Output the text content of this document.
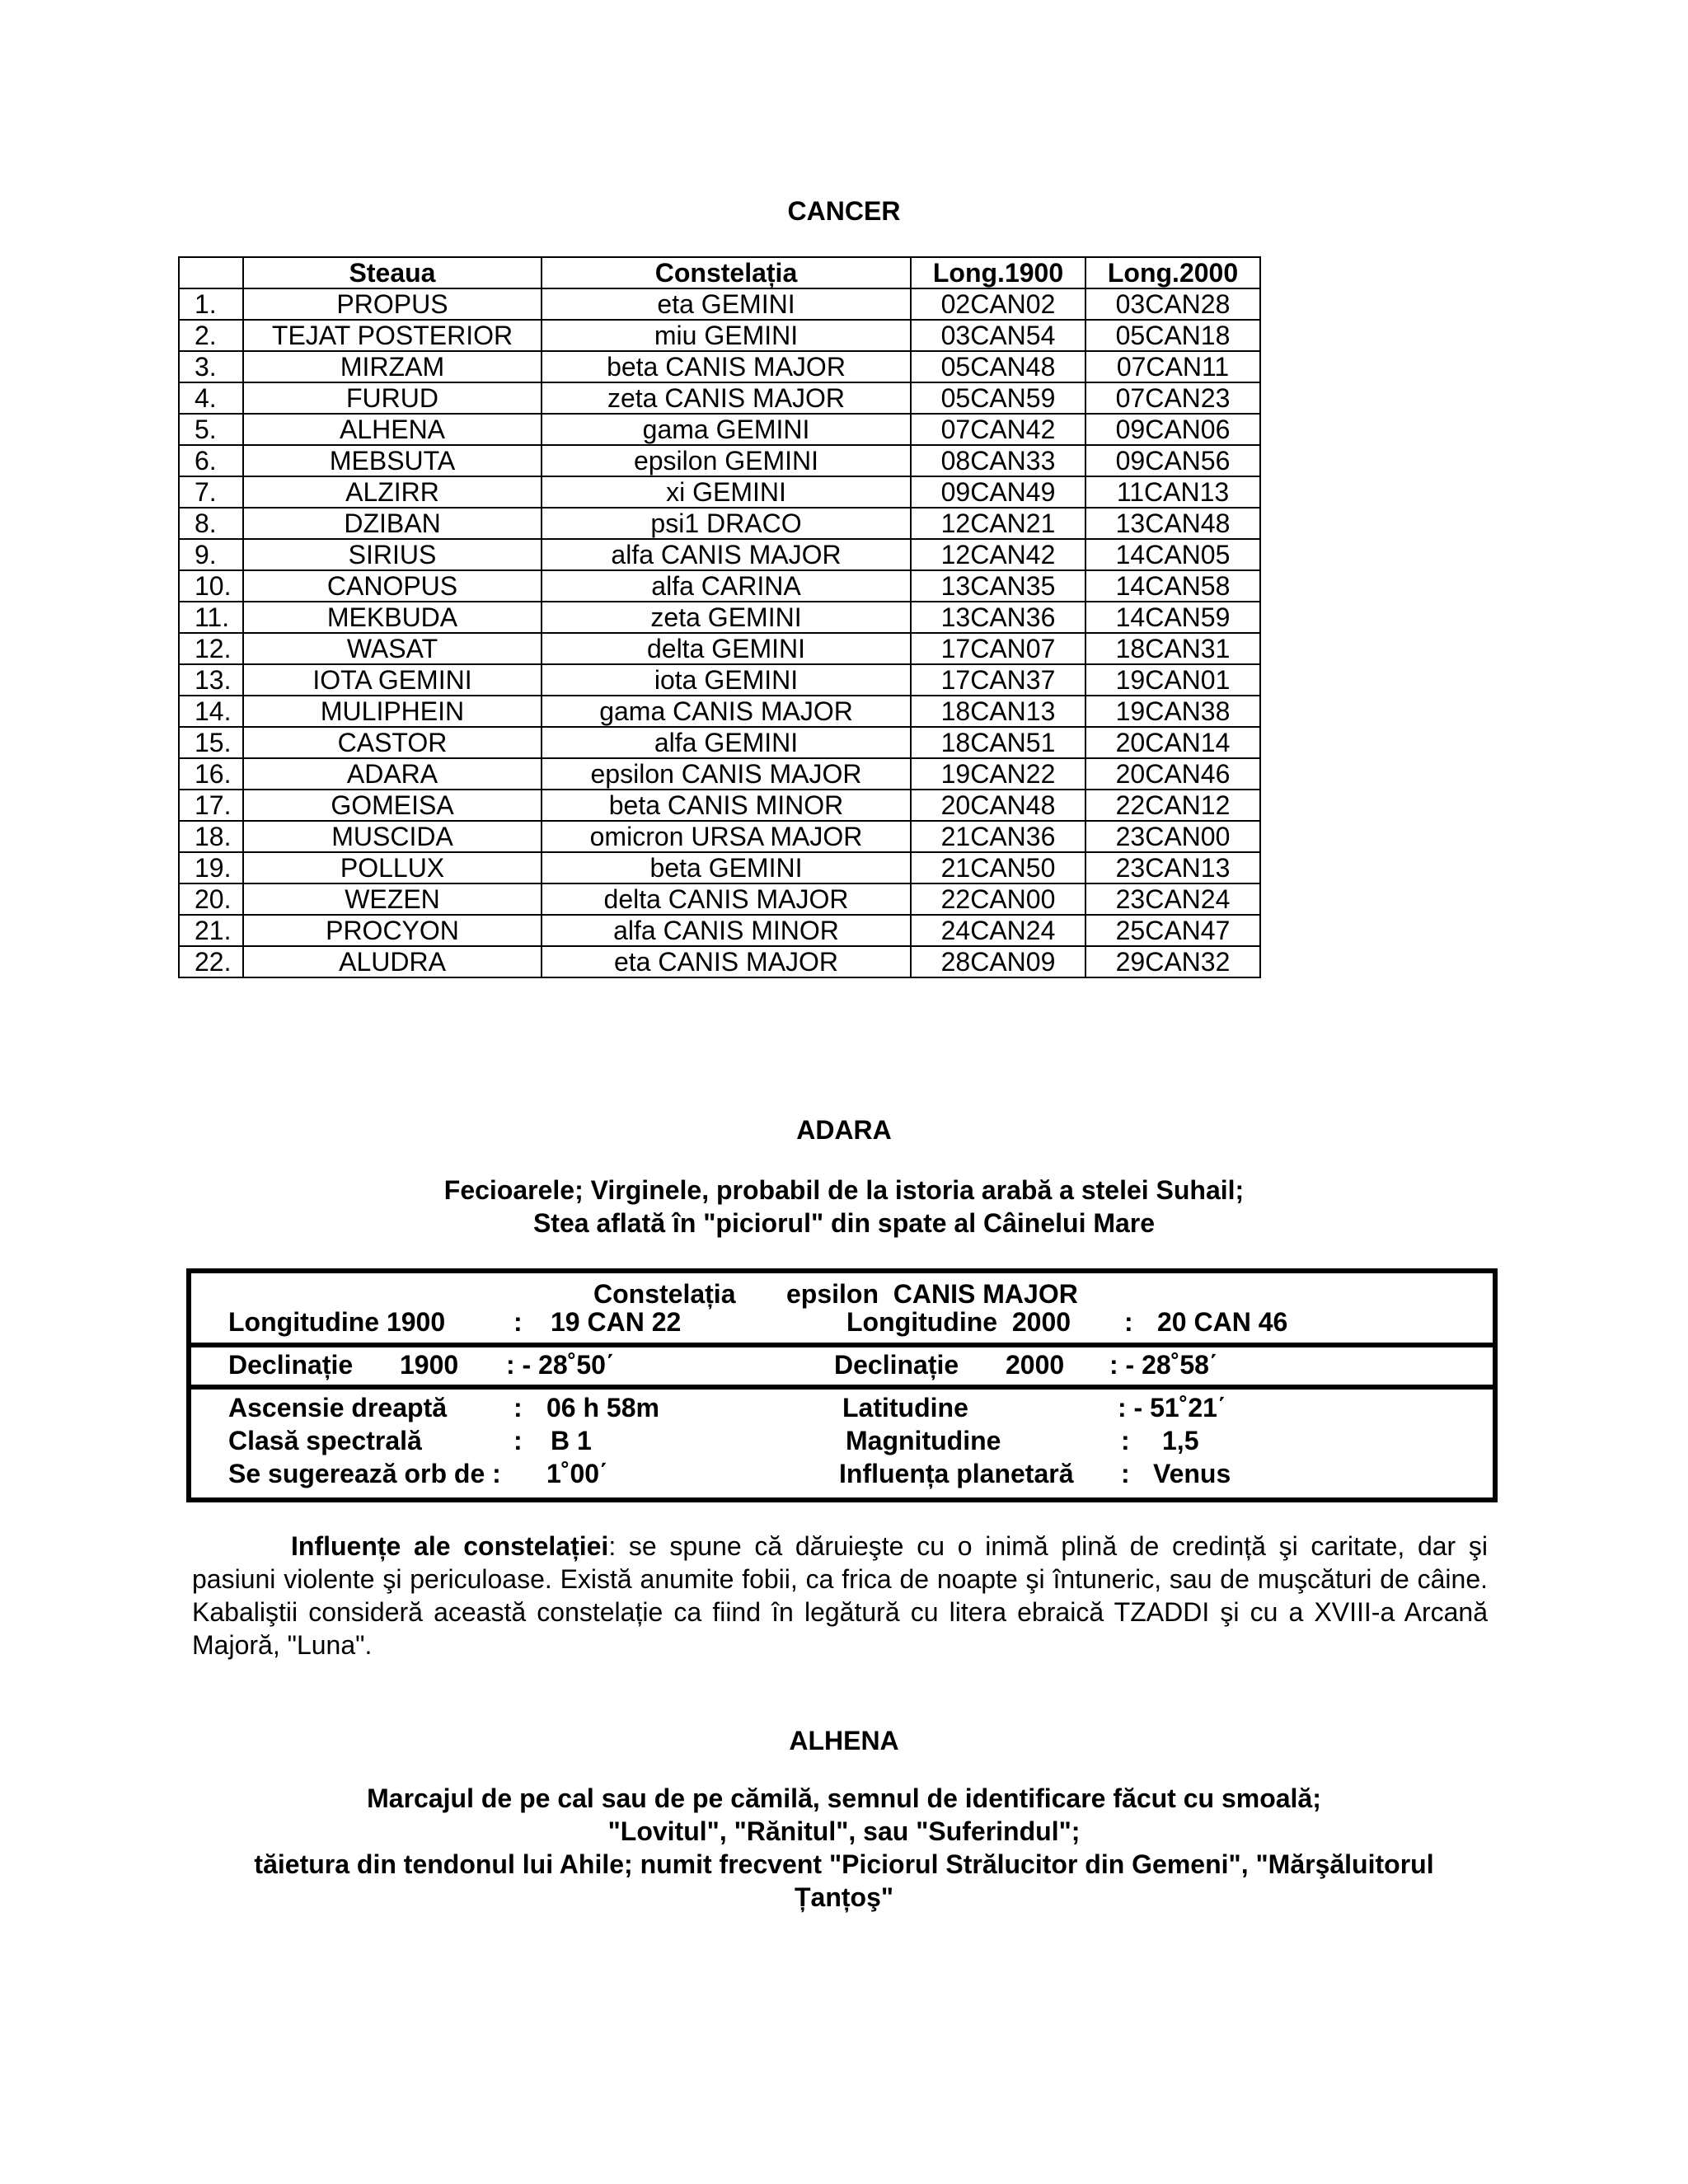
CANCER
	Steaua	Constelația	Long.1900	Long.2000
1.	PROPUS	eta GEMINI	02CAN02	03CAN28
2.	TEJAT POSTERIOR	miu GEMINI	03CAN54	05CAN18
3.	MIRZAM	beta CANIS MAJOR	05CAN48	07CAN11
4.	FURUD	zeta CANIS MAJOR	05CAN59	07CAN23
5.	ALHENA	gama GEMINI	07CAN42	09CAN06
6.	MEBSUTA	epsilon GEMINI	08CAN33	09CAN56
7.	ALZIRR	xi GEMINI	09CAN49	11CAN13
8.	DZIBAN	psi1 DRACO	12CAN21	13CAN48
9.	SIRIUS	alfa CANIS MAJOR	12CAN42	14CAN05
10.	CANOPUS	alfa CARINA	13CAN35	14CAN58
11.	MEKBUDA	zeta GEMINI	13CAN36	14CAN59
12.	WASAT	delta GEMINI	17CAN07	18CAN31
13.	IOTA GEMINI	iota GEMINI	17CAN37	19CAN01
14.	MULIPHEIN	gama CANIS MAJOR	18CAN13	19CAN38
15.	CASTOR	alfa GEMINI	18CAN51	20CAN14
16.	ADARA	epsilon CANIS MAJOR	19CAN22	20CAN46
17.	GOMEISA	beta CANIS MINOR	20CAN48	22CAN12
18.	MUSCIDA	omicron URSA MAJOR	21CAN36	23CAN00
19.	POLLUX	beta GEMINI	21CAN50	23CAN13
20.	WEZEN	delta CANIS MAJOR	22CAN00	23CAN24
21.	PROCYON	alfa CANIS MINOR	24CAN24	25CAN47
22.	ALUDRA	eta CANIS MAJOR	28CAN09	29CAN32
ADARA
Fecioarele; Virginele, probabil de la istoria arabă a stelei Suhail;
Stea aflată în "piciorul" din spate al Câinelui Mare
Constelația epsilon  CANIS MAJOR
Longitudine 1900	: 19 CAN 22	Longitudine  2000 : 20 CAN 46
Declinație 1900 : - 28˚50΄	Declinație 2000 : - 28˚58΄
Ascensie dreaptă	: 06 h 58m	Latitudine	: - 51˚21΄
Clasă spectrală	: B 1	Magnitudine	: 1,5
Se sugerează orb de : 1˚00΄	Influența planetară : Venus
Influențe ale constelației: se spune că dăruieşte cu o inimă plină de credință şi caritate, dar şi pasiuni violente şi periculoase. Există anumite fobii, ca frica de noapte şi întuneric, sau de muşcături de câine. Kabaliştii consideră această constelație ca fiind în legătură cu litera ebraică TZADDI şi cu a XVIII-a Arcană Majoră, "Luna".
ALHENA
Marcajul de pe cal sau de pe cămilă, semnul de identificare făcut cu smoală;
"Lovitul", "Rănitul", sau "Suferindul";
tăietura din tendonul lui Ahile; numit frecvent "Piciorul Strălucitor din Gemeni", "Mărşăluitorul
Țanțoş"
